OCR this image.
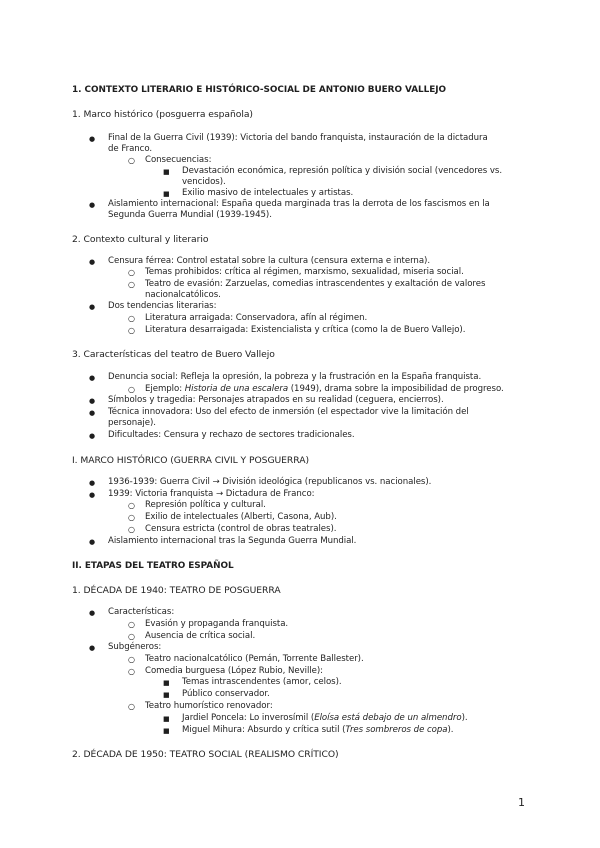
1. CONTEXTO LITERARIO E HISTÓRICO-SOCIAL DE ANTONIO BUERO VALLEJO
1. Marco histórico (posguerra española)
● Final de la Guerra Civil (1939): Victoria del bando franquista, instauración de la dictadura
de Franco.
○ Consecuencias:
■ Devastación económica, represión política y división social (vencedores vs.
vencidos).
■ Exilio masivo de intelectuales y artistas.
● Aislamiento internacional: España queda marginada tras la derrota de los fascismos en la
Segunda Guerra Mundial (1939-1945).
2. Contexto cultural y literario
● Censura férrea: Control estatal sobre la cultura (censura externa e interna).
○ Temas prohibidos: crítica al régimen, marxismo, sexualidad, miseria social.
○ Teatro de evasión: Zarzuelas, comedias intrascendentes y exaltación de valores
nacionalcatólicos.
● Dos tendencias literarias:
○ Literatura arraigada: Conservadora, afín al régimen.
○ Literatura desarraigada: Existencialista y crítica (como la de Buero Vallejo).
3. Características del teatro de Buero Vallejo
● Denuncia social: Refleja la opresión, la pobreza y la frustración en la España franquista.
○ Ejemplo: Historia de una escalera (1949), drama sobre la imposibilidad de progreso.
● Símbolos y tragedia: Personajes atrapados en su realidad (ceguera, encierros).
● Técnica innovadora: Uso del efecto de inmersión (el espectador vive la limitación del
personaje).
● Dificultades: Censura y rechazo de sectores tradicionales.
I. MARCO HISTÓRICO (GUERRA CIVIL Y POSGUERRA)
● 1936-1939: Guerra Civil → División ideológica (republicanos vs. nacionales).
● 1939: Victoria franquista → Dictadura de Franco:
○ Represión política y cultural.
○ Exilio de intelectuales (Alberti, Casona, Aub).
○ Censura estricta (control de obras teatrales).
● Aislamiento internacional tras la Segunda Guerra Mundial.
II. ETAPAS DEL TEATRO ESPAÑOL
1. DÉCADA DE 1940: TEATRO DE POSGUERRA
● Características:
○ Evasión y propaganda franquista.
○ Ausencia de crítica social.
● Subgéneros:
○ Teatro nacionalcatólico (Pemán, Torrente Ballester).
○ Comedia burguesa (López Rubio, Neville):
■ Temas intrascendentes (amor, celos).
■ Público conservador.
○ Teatro humorístico renovador:
■ Jardiel Poncela: Lo inverosímil (Eloísa está debajo de un almendro).
■ Miguel Mihura: Absurdo y crítica sutil (Tres sombreros de copa).
2. DÉCADA DE 1950: TEATRO SOCIAL (REALISMO CRÍTICO)
1
